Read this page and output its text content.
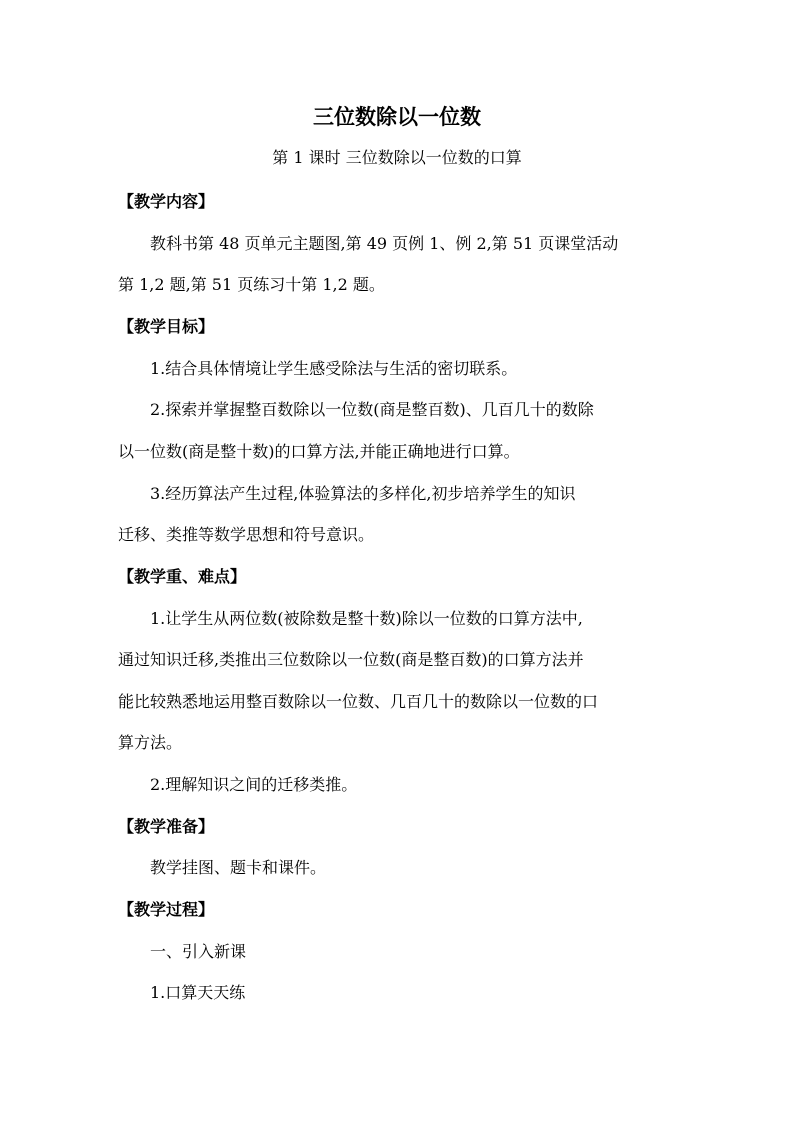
三位数除以一位数
第 1 课时 三位数除以一位数的口算
【教学内容】
教科书第 48 页单元主题图,第 49 页例 1、例 2,第 51 页课堂活动
第 1,2 题,第 51 页练习十第 1,2 题。
【教学目标】
1.结合具体情境让学生感受除法与生活的密切联系。
2.探索并掌握整百数除以一位数(商是整百数)、几百几十的数除
以一位数(商是整十数)的口算方法,并能正确地进行口算。
3.经历算法产生过程,体验算法的多样化,初步培养学生的知识
迁移、类推等数学思想和符号意识。
【教学重、难点】
1.让学生从两位数(被除数是整十数)除以一位数的口算方法中,
通过知识迁移,类推出三位数除以一位数(商是整百数)的口算方法并
能比较熟悉地运用整百数除以一位数、几百几十的数除以一位数的口
算方法。
2.理解知识之间的迁移类推。
【教学准备】
教学挂图、题卡和课件。
【教学过程】
一、引入新课
1.口算天天练
